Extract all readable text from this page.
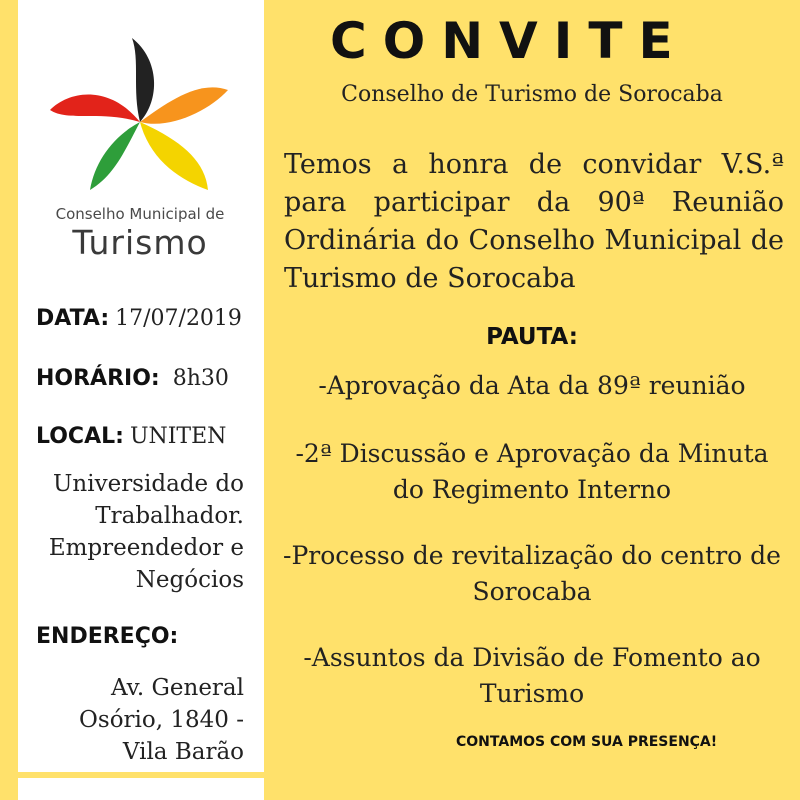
Conselho Municipal de
Turismo
DATA: 17/07/2019
HORÁRIO: 8h30
LOCAL: UNITEN
Universidade do
Trabalhador.
Empreendedor e
Negócios
ENDEREÇO:
Av. General
Osório, 1840 -
Vila Barão
CONVITE
Conselho de Turismo de Sorocaba
Temos a honra de convidar V.S.ª para participar da 90ª Reunião Ordinária do Conselho Municipal de Turismo de Sorocaba
PAUTA:
-Aprovação da Ata da 89ª reunião
-2ª Discussão e Aprovação da Minuta
do Regimento Interno
-Processo de revitalização do centro de
Sorocaba
-Assuntos da Divisão de Fomento ao
Turismo
CONTAMOS COM SUA PRESENÇA!
